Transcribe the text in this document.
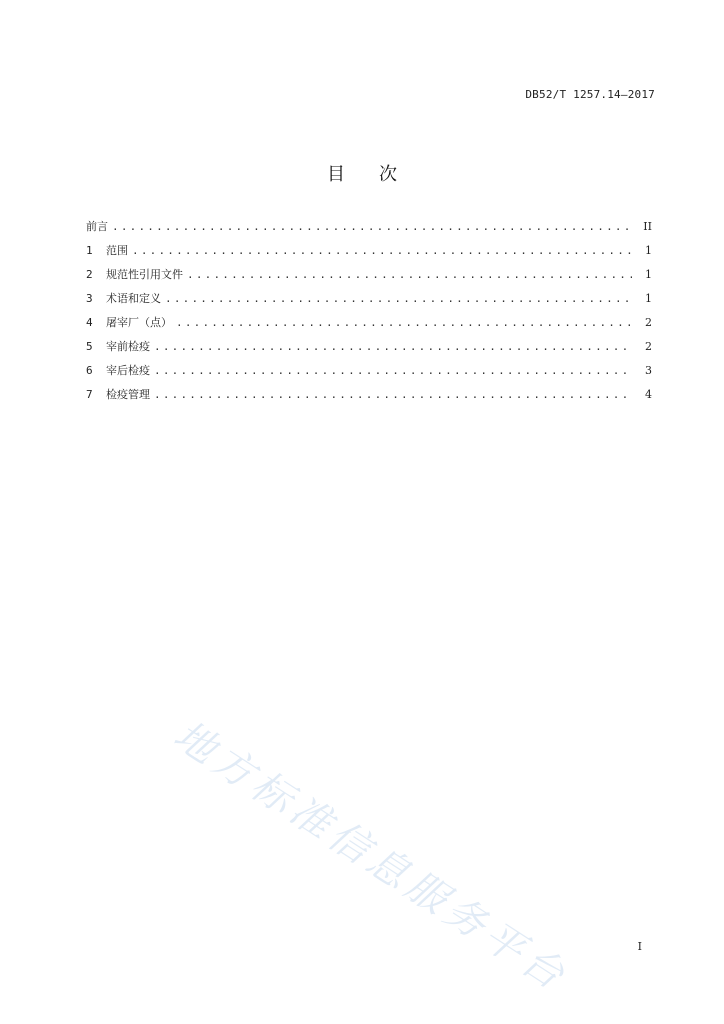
DB52/T 1257.14—2017
目 次
前言 .....	II
1	范围 .....	1
2	规范性引用文件 .....	1
3	术语和定义 .....	1
4	屠宰厂（点） .....	2
5	宰前检疫 .....	2
6	宰后检疫 .....	3
7	检疫管理 .....	4
地方标准信息服务平台	I
